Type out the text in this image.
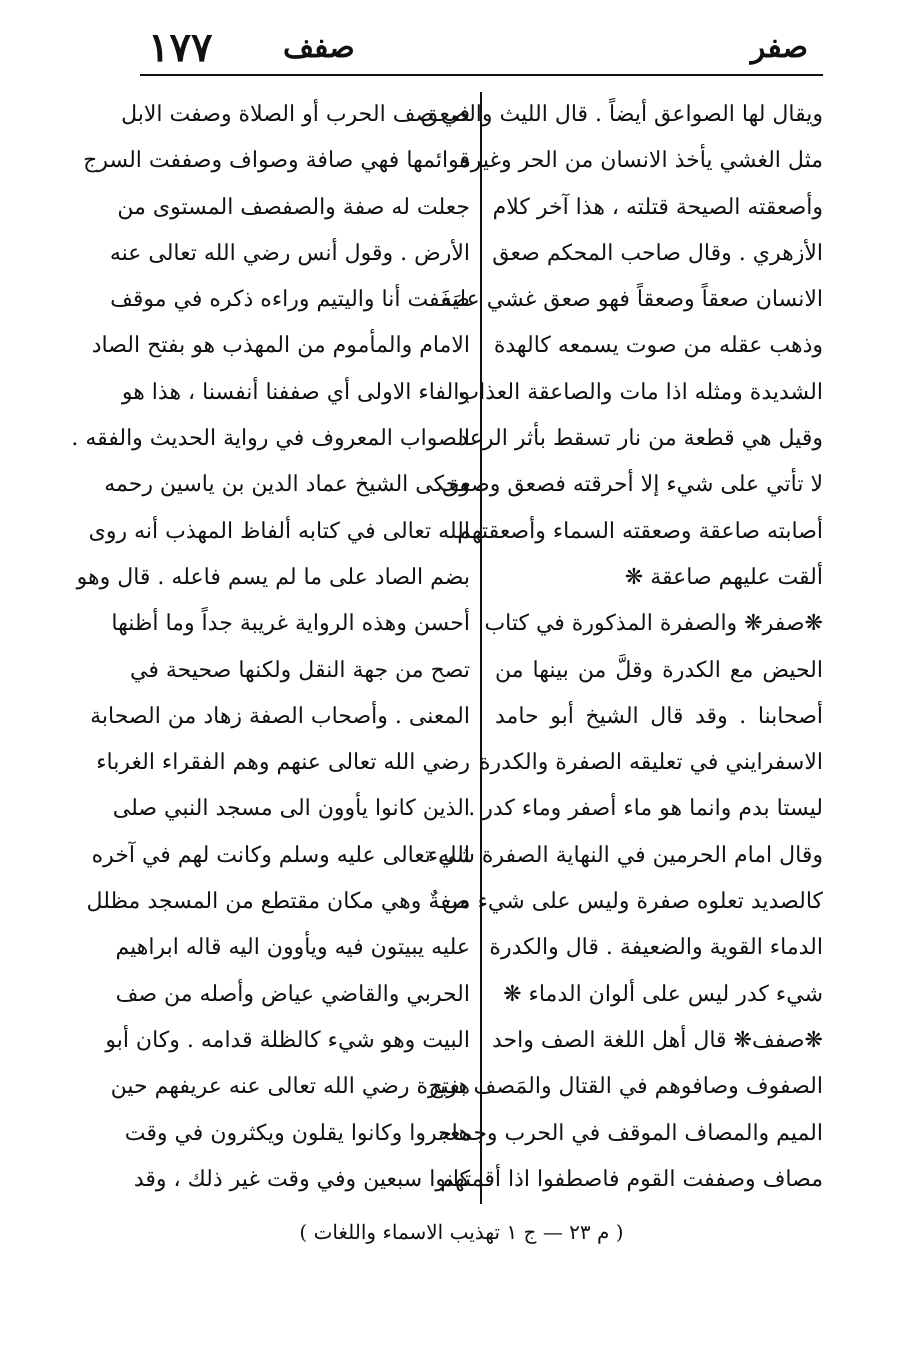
١٧٧ صفف	صفر
ويقال لها الصواعق أيضاً . قال الليث والصعق
مثل الغشي يأخذ الانسان من الحر وغيره
وأصعقته الصيحة قتلته ، هذا آخر كلام
الأزهري . وقال صاحب المحكم صعق
الانسان صعقاً وصعقاً فهو صعق غشي عليه
وذهب عقله من صوت يسمعه كالهدة
الشديدة ومثله اذا مات والصاعقة العذاب
وقيل هي قطعة من نار تسقط بأثر الرعد
لا تأتي على شيء إلا أحرقته فصعق وصعق
أصابته صاعقة وصعقته السماء وأصعقتهم
ألقت عليهم صاعقة ❋
❋صفر❋ والصفرة المذكورة في كتاب
الحيض مع الكدرة وقلَّ من بينها من
أصحابنا . وقد قال الشيخ أبو حامد
الاسفرايني في تعليقه الصفرة والكدرة
ليستا بدم وانما هو ماء أصفر وماء كدر .
وقال امام الحرمين في النهاية الصفرة شيء
كالصديد تعلوه صفرة وليس على شيء من
الدماء القوية والضعيفة . قال والكدرة
شيء كدر ليس على ألوان الدماء ❋
❋صفف❋ قال أهل اللغة الصف واحد
الصفوف وصافوهم في القتال والمَصف بفتح
الميم والمصاف الموقف في الحرب وجمعه
مصاف وصففت القوم فاصطفوا اذا أقمتهم
في صف الحرب أو الصلاة وصفت الابل
قوائمها فهي صافة وصواف وصففت السرج
جعلت له صفة والصفصف المستوى من
الأرض . وقول أنس رضي الله تعالى عنه
صَفَفت أنا واليتيم وراءه ذكره في موقف
الامام والمأموم من المهذب هو بفتح الصاد
والفاء الاولى أي صففنا أنفسنا ، هذا هو
الصواب المعروف في رواية الحديث والفقه .
وحكى الشيخ عماد الدين بن ياسين رحمه
الله تعالى في كتابه ألفاظ المهذب أنه روى
بضم الصاد على ما لم يسم فاعله . قال وهو
أحسن وهذه الرواية غريبة جداً وما أظنها
تصح من جهة النقل ولكنها صحيحة في
المعنى . وأصحاب الصفة زهاد من الصحابة
رضي الله تعالى عنهم وهم الفقراء الغرباء
الذين كانوا يأوون الى مسجد النبي صلى
الله تعالى عليه وسلم وكانت لهم في آخره
صفةٌ وهي مكان مقتطع من المسجد مظلل
عليه يبيتون فيه ويأوون اليه قاله ابراهيم
الحربي والقاضي عياض وأصله من صف
البيت وهو شيء كالظلة قدامه . وكان أبو
هريرة رضي الله تعالى عنه عريفهم حين
هاجروا وكانوا يقلون ويكثرون في وقت
كانوا سبعين وفي وقت غير ذلك ، وقد
( م ٢٣ — ج ١ تهذيب الاسماء واللغات )
